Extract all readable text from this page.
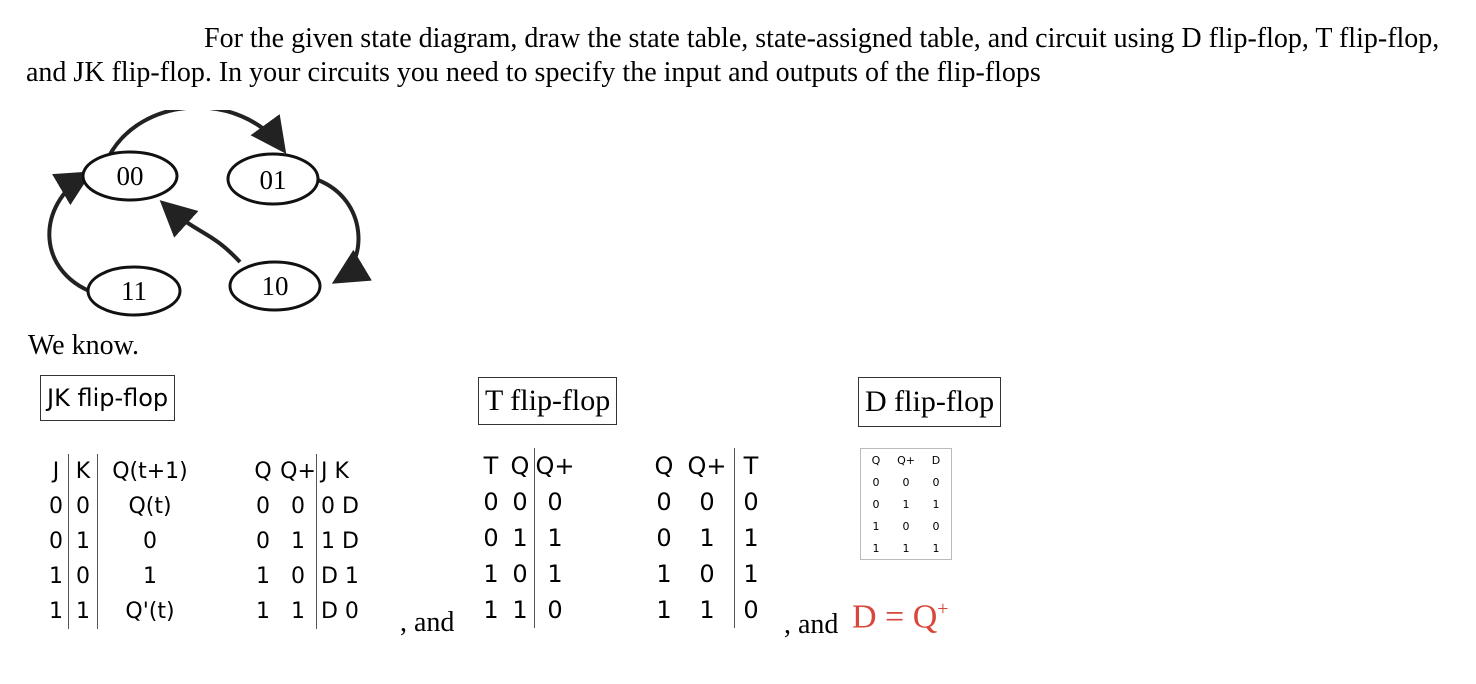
For the given state diagram, draw the state table, state-assigned table, and circuit using D flip-flop, T flip-flop, and JK flip-flop. In your circuits you need to specify the input and outputs of the flip-flops
00	01
11	10
We know.
JK flip-flop
J	K	Q(t+1)
0	0	Q(t)
0	1	0
1	0	1
1	1	Q'(t)
Q	Q+	J K
0	0	0 D
0	1	1 D
1	0	D 1
1	1	D 0 , and
T flip-flop
T	Q	Q+
0	0	0
0	1	1
1	0	1
1	1	0
Q	Q+	T
0	0	0
0	1	1
1	0	1
1	1	0 , and
D flip-flop
Q	Q+	D
0	0	0
0	1	1
1	0	0
1	1	1
D = Q+
